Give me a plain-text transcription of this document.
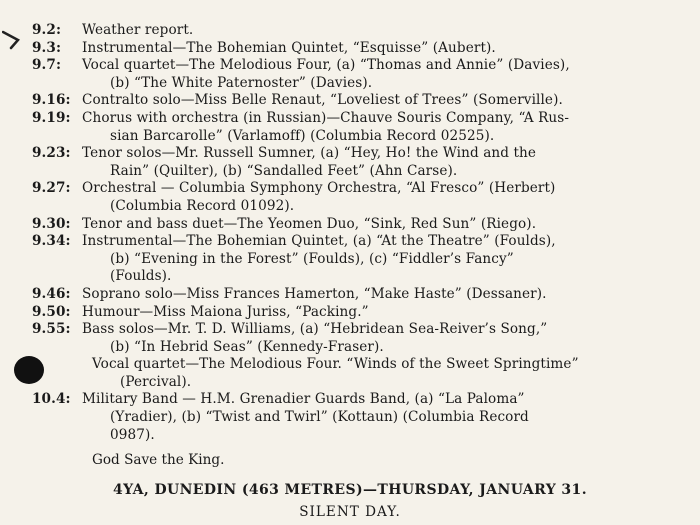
9.2:	Weather report.
9.3:	Instrumental—The Bohemian Quintet, “Esquisse” (Aubert).
9.7:	Vocal quartet—The Melodious Four, (a) “Thomas and Annie” (Davies),
(b) “The White Paternoster” (Davies).
9.16: Contralto solo—Miss Belle Renaut, “Loveliest of Trees” (Somerville).
9.19: Chorus with orchestra (in Russian)—Chauve Souris Company, “A Rus-
sian Barcarolle” (Varlamoff) (Columbia Record 02525).
9.23: Tenor solos—Mr. Russell Sumner, (a) “Hey, Ho! the Wind and the
Rain” (Quilter), (b) “Sandalled Feet” (Ahn Carse).
9.27: Orchestral — Columbia Symphony Orchestra, “Al Fresco” (Herbert)
(Columbia Record 01092).
9.30: Tenor and bass duet—The Yeomen Duo, “Sink, Red Sun” (Riego).
9.34: Instrumental—The Bohemian Quintet, (a) “At the Theatre” (Foulds),
(b) “Evening in the Forest” (Foulds), (c) “Fiddler’s Fancy”
(Foulds).
9.46: Soprano solo—Miss Frances Hamerton, “Make Haste” (Dessaner).
9.50: Humour—Miss Maiona Juriss, “Packing.”
9.55: Bass solos—Mr. T. D. Williams, (a) “Hebridean Sea-Reiver’s Song,”
(b) “In Hebrid Seas” (Kennedy-Fraser).
Vocal quartet—The Melodious Four. “Winds of the Sweet Springtime”
(Percival).
10.4: Military Band — H.M. Grenadier Guards Band, (a) “La Paloma”
(Yradier), (b) “Twist and Twirl” (Kottaun) (Columbia Record
0987).
God Save the King.
4YA, DUNEDIN (463 METRES)—THURSDAY, JANUARY 31.
SILENT DAY.
